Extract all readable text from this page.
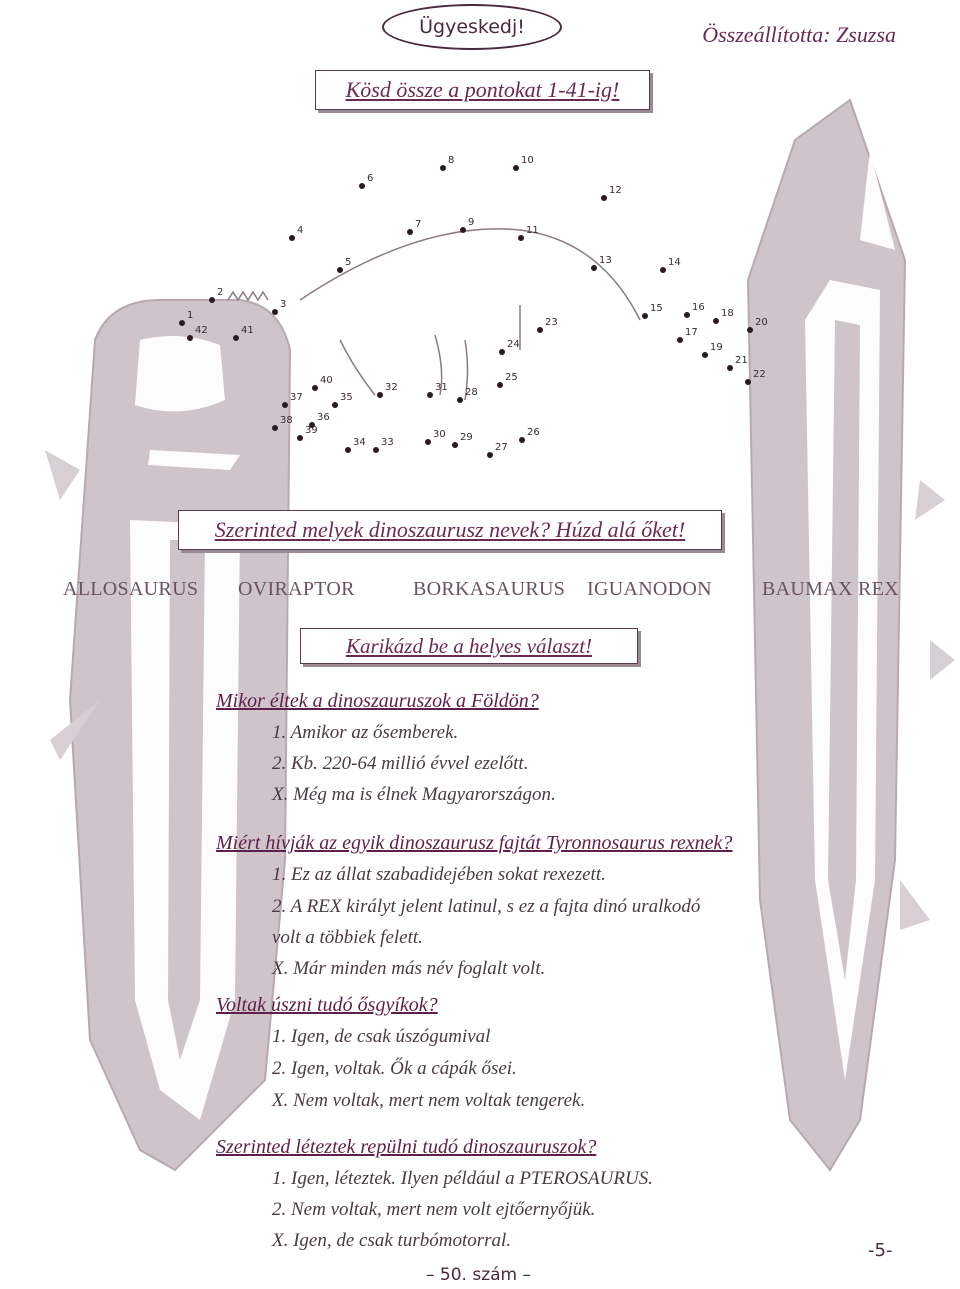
Ügyeskedj!	Összeállította: Zsuzsa
Kösd össze a pontokat 1-41-ig!
1
2
3
4
5
6
7
8
9
10
11
12
13	14
15	16
17
18
19
20
21
22
23
24
25
26
27
28
29
30
31
32
33
34
35
36
37
38
39
40
41
42
Szerinted melyek dinoszaurusz nevek? Húzd alá őket!
ALLOSAURUS OVIRAPTOR	BORKASAURUS IGUANODON	BAUMAX REX
Karikázd be a helyes választ!
Mikor éltek a dinoszauruszok a Földön?
1. Amikor az ősemberek.
2. Kb. 220-64 millió évvel ezelőtt.
X. Még ma is élnek Magyarországon.
Miért hívják az egyik dinoszaurusz fajtát Tyronnosaurus rexnek?
1. Ez az állat szabadidejében sokat rexezett.
2. A REX királyt jelent latinul, s ez a fajta dinó uralkodó
volt a többiek felett.
X. Már minden más név foglalt volt.
Voltak úszni tudó ősgyíkok?
1. Igen, de csak úszógumival
2. Igen, voltak. Ők a cápák ősei.
X. Nem voltak, mert nem voltak tengerek.
Szerinted léteztek repülni tudó dinoszauruszok?
1. Igen, léteztek. Ilyen például a PTEROSAURUS.
2. Nem voltak, mert nem volt ejtőernyőjük.
X. Igen, de csak turbómotorral.
– 50. szám –
-5-
